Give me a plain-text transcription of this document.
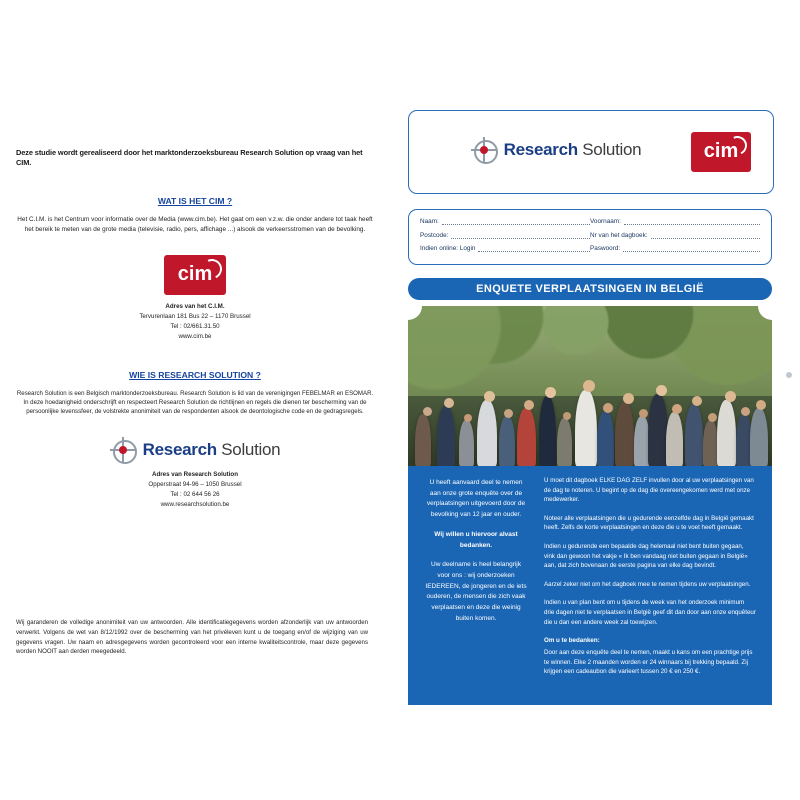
Deze studie wordt gerealiseerd door het marktonderzoeksbureau Research Solution op vraag van het CIM.
WAT IS HET CIM ?
Het C.I.M. is het Centrum voor informatie over de Media (www.cim.be). Het gaat om een v.z.w. die onder andere tot taak heeft het bereik te meten van de grote media (televisie, radio, pers, affichage ...) alsook de verkeersstromen van de bevolking.
cim
Adres van het C.I.M.
Tervurenlaan 181 Bus 22 – 1170 Brussel
Tel : 02/661.31.50
www.cim.be
WIE IS RESEARCH SOLUTION ?
Research Solution is een Belgisch marktonderzoeksbureau. Research Solution is lid van de verenigingen FEBELMAR en ESOMAR. In deze hoedanigheid onderschrijft en respecteert Research Solution de richtlijnen en regels die dienen ter bescherming van de persoonlijke levenssfeer, de volstrekte anonimiteit van de respondenten alsook de deontologische code en de gedragsregels.
Research Solution
Adres van Research Solution
Opperstraat 94-96 – 1050 Brussel
Tel : 02 644 56 26
www.researchsolution.be
Wij garanderen de volledige anonimiteit van uw antwoorden. Alle identificatiegegevens worden afzonderlijk van uw antwoorden verwerkt. Volgens de wet van 8/12/1992 over de bescherming van het privéleven kunt u de toegang en/of de wijziging van uw gegevens vragen. Uw naam en adresgegevens worden gecontroleerd voor een interne kwaliteitscontrole, maar deze gegevens worden NOOIT aan derden meegedeeld.
Research Solution	cim
Naam:	Voornaam:
Postcode:	Nr van het dagboek:
Indien online: Login	Paswoord:
ENQUETE VERPLAATSINGEN IN BELGIË
U heeft aanvaard deel te nemen aan onze grote enquête over de verplaatsingen uitgevoerd door de bevolking van 12 jaar en ouder.
Wij willen u hiervoor alvast bedanken.
Uw deelname is heel belangrijk voor ons : wij onderzoeken IEDEREEN, de jongeren en de iets ouderen, de mensen die zich vaak verplaatsen en deze die weinig buiten komen.

U moet dit dagboek ELKE DAG ZELF invullen door al uw verplaatsingen van de dag te noteren. U begint op de dag die overeengekomen werd met onze medewerker.

Noteer alle verplaatsingen die u gedurende eenzelfde dag in België gemaakt heeft. Zelfs de korte verplaatsingen en deze die u te voet heeft gemaakt.

Indien u gedurende een bepaalde dag helemaal niet bent buiten gegaan, vink dan gewoon het vakje « Ik ben vandaag niet buiten gegaan in België» aan, dat zich bovenaan de eerste pagina van elke dag bevindt.

Aarzel zeker niet om het dagboek mee te nemen tijdens uw verplaatsingen.

Indien u van plan bent om u tijdens de week van het onderzoek minimum drie dagen niet te verplaatsen in België geef dit dan door aan onze enquêteur die u dan een andere week zal toewijzen.

Om u te bedanken:

Door aan deze enquête deel te nemen, maakt u kans om een prachtige prijs te winnen. Elke 2 maanden worden er 24 winnaars bij trekking bepaald. Zij krijgen een cadeaubon die varieert tussen 20 € en 250 €.
